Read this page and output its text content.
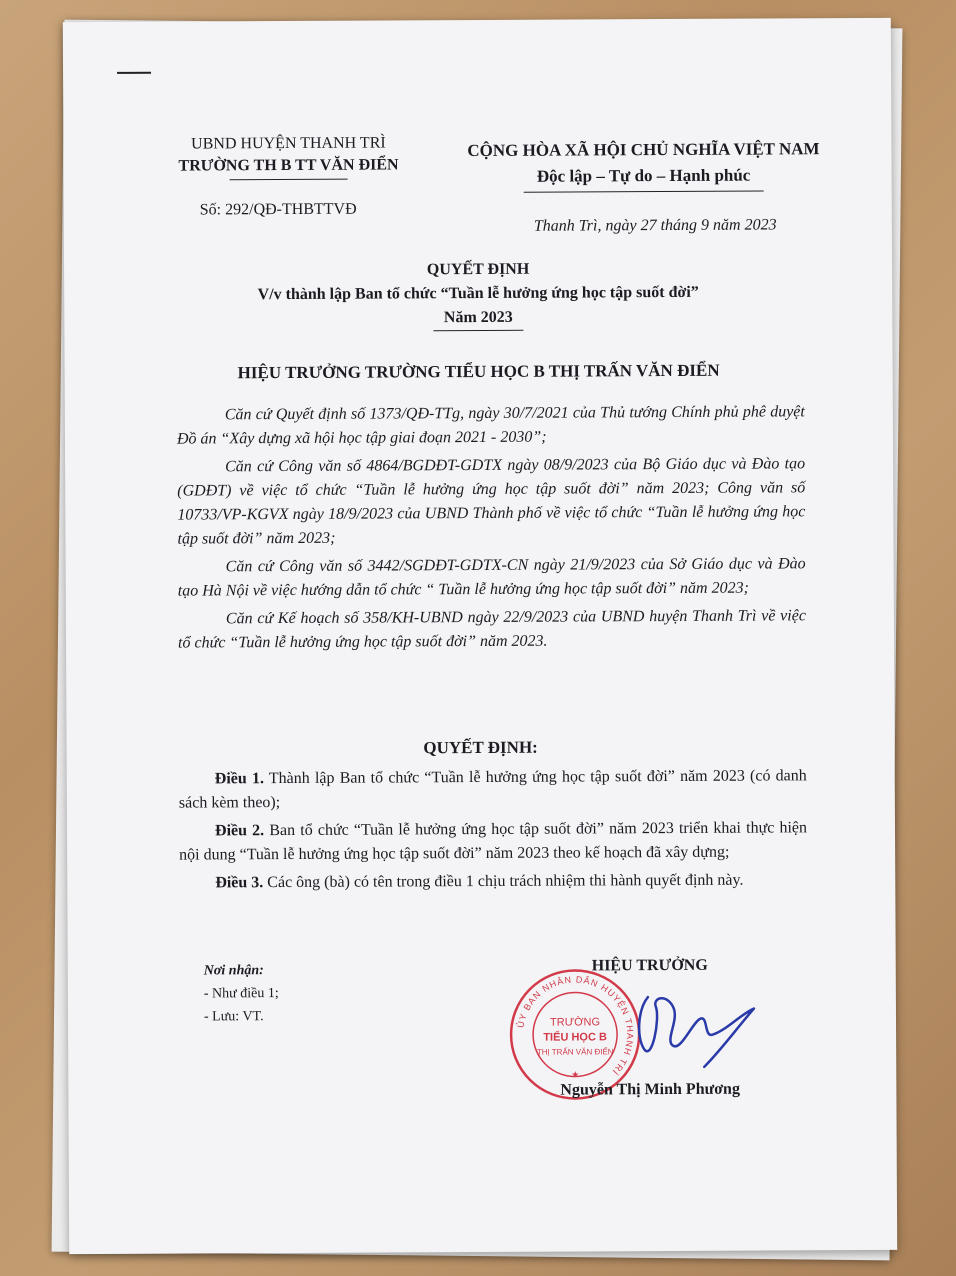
UBND HUYỆN THANH TRÌ
TRƯỜNG TH B TT VĂN ĐIỂN
CỘNG HÒA XÃ HỘI CHỦ NGHĨA VIỆT NAM
Độc lập – Tự do – Hạnh phúc
Số: 292/QĐ-THBTTVĐ
Thanh Trì, ngày 27 tháng 9 năm 2023
QUYẾT ĐỊNH
V/v thành lập Ban tổ chức “Tuần lễ hưởng ứng học tập suốt đời”
Năm 2023
HIỆU TRƯỞNG TRƯỜNG TIỂU HỌC B THỊ TRẤN VĂN ĐIỂN

Căn cứ Quyết định số 1373/QĐ-TTg, ngày 30/7/2021 của Thủ tướng Chính phủ phê duyệt Đồ án “Xây dựng xã hội học tập giai đoạn 2021 - 2030”;

Căn cứ Công văn số 4864/BGDĐT-GDTX ngày 08/9/2023 của Bộ Giáo dục và Đào tạo (GDĐT) về việc tổ chức “Tuần lễ hưởng ứng học tập suốt đời” năm 2023; Công văn số 10733/VP-KGVX ngày 18/9/2023 của UBND Thành phố về việc tổ chức “Tuần lễ hưởng ứng học tập suốt đời” năm 2023;

Căn cứ Công văn số 3442/SGDĐT-GDTX-CN ngày 21/9/2023 của Sở Giáo dục và Đào tạo Hà Nội về việc hướng dẫn tổ chức “ Tuần lễ hưởng ứng học tập suốt đời” năm 2023;

Căn cứ Kế hoạch số 358/KH-UBND ngày 22/9/2023 của UBND huyện Thanh Trì về việc tổ chức “Tuần lễ hưởng ứng học tập suốt đời” năm 2023.

QUYẾT ĐỊNH:

Điều 1. Thành lập Ban tổ chức “Tuần lễ hưởng ứng học tập suốt đời” năm 2023 (có danh sách kèm theo);

Điều 2. Ban tổ chức “Tuần lễ hưởng ứng học tập suốt đời” năm 2023 triển khai thực hiện nội dung “Tuần lễ hưởng ứng học tập suốt đời” năm 2023 theo kế hoạch đã xây dựng;

Điều 3. Các ông (bà) có tên trong điều 1 chịu trách nhiệm thi hành quyết định này.

Nơi nhận:
- Như điều 1;
- Lưu: VT.	ỦY BAN NHÂN DÂN HUYỆN THANH TRÌ
TRƯỜNG
TIỂU HỌC B
THỊ TRẤN VĂN ĐIỂN
★
HIỆU TRƯỞNG
Nguyễn Thị Minh Phương
